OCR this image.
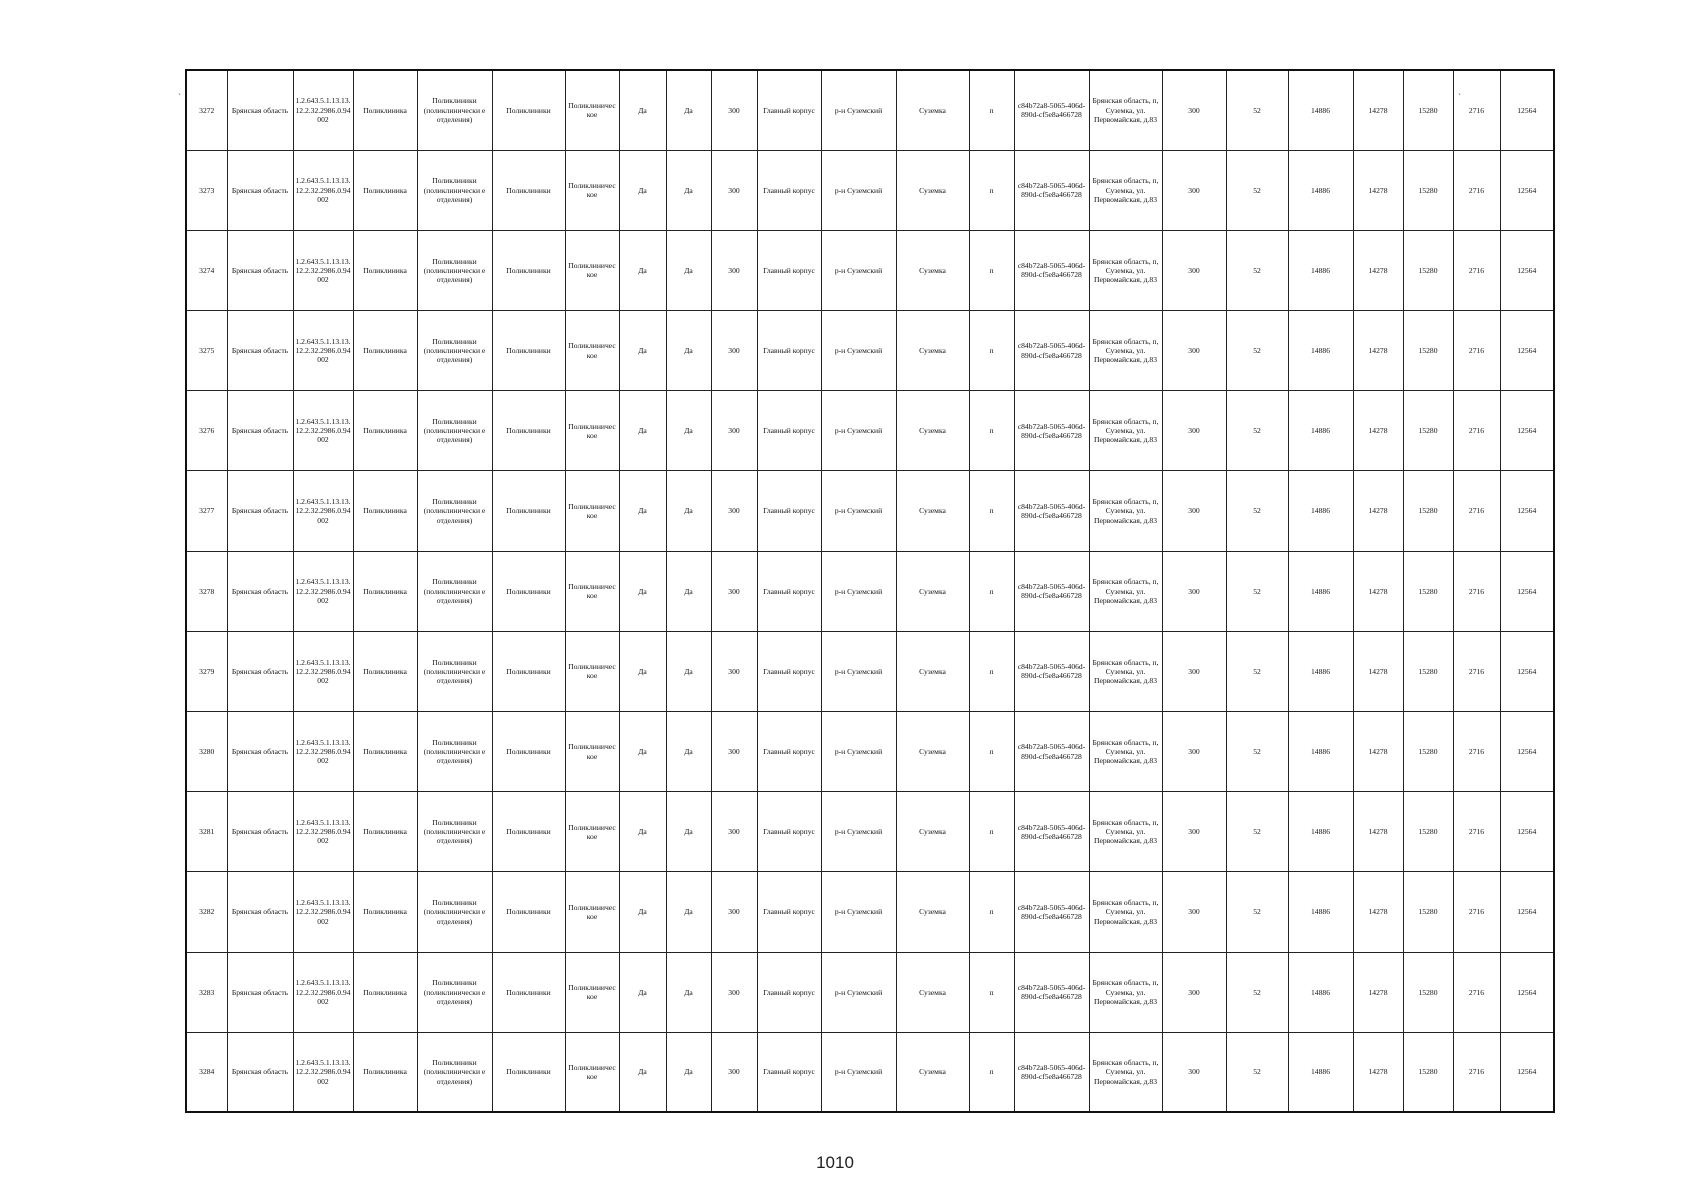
3272	Брянская область	1.2.643.5.1.13.13.12.2.32.2986.0.94002	Поликлиника	Поликлиники (поликлинически е отделения)	Поликлиники	Поликлиничес кое	Да	Да	300	Главный корпус	р-н Суземский	Суземка	п	c84b72a8-5065-406d-890d-cf5e8a466728	Брянская область, п, Суземка, ул. Первомайская, д.83	300	52	14886	14278	15280	2716	12564
3273	Брянская область	1.2.643.5.1.13.13.12.2.32.2986.0.94002	Поликлиника	Поликлиники (поликлинически е отделения)	Поликлиники	Поликлиничес кое	Да	Да	300	Главный корпус	р-н Суземский	Суземка	п	c84b72a8-5065-406d-890d-cf5e8a466728	Брянская область, п, Суземка, ул. Первомайская, д.83	300	52	14886	14278	15280	2716	12564
3274	Брянская область	1.2.643.5.1.13.13.12.2.32.2986.0.94002	Поликлиника	Поликлиники (поликлинически е отделения)	Поликлиники	Поликлиничес кое	Да	Да	300	Главный корпус	р-н Суземский	Суземка	п	c84b72a8-5065-406d-890d-cf5e8a466728	Брянская область, п, Суземка, ул. Первомайская, д.83	300	52	14886	14278	15280	2716	12564
3275	Брянская область	1.2.643.5.1.13.13.12.2.32.2986.0.94002	Поликлиника	Поликлиники (поликлинически е отделения)	Поликлиники	Поликлиничес кое	Да	Да	300	Главный корпус	р-н Суземский	Суземка	п	c84b72a8-5065-406d-890d-cf5e8a466728	Брянская область, п, Суземка, ул. Первомайская, д.83	300	52	14886	14278	15280	2716	12564
3276	Брянская область	1.2.643.5.1.13.13.12.2.32.2986.0.94002	Поликлиника	Поликлиники (поликлинически е отделения)	Поликлиники	Поликлиничес кое	Да	Да	300	Главный корпус	р-н Суземский	Суземка	п	c84b72a8-5065-406d-890d-cf5e8a466728	Брянская область, п, Суземка, ул. Первомайская, д.83	300	52	14886	14278	15280	2716	12564
3277	Брянская область	1.2.643.5.1.13.13.12.2.32.2986.0.94002	Поликлиника	Поликлиники (поликлинически е отделения)	Поликлиники	Поликлиничес кое	Да	Да	300	Главный корпус	р-н Суземский	Суземка	п	c84b72a8-5065-406d-890d-cf5e8a466728	Брянская область, п, Суземка, ул. Первомайская, д.83	300	52	14886	14278	15280	2716	12564
3278	Брянская область	1.2.643.5.1.13.13.12.2.32.2986.0.94002	Поликлиника	Поликлиники (поликлинически е отделения)	Поликлиники	Поликлиничес кое	Да	Да	300	Главный корпус	р-н Суземский	Суземка	п	c84b72a8-5065-406d-890d-cf5e8a466728	Брянская область, п, Суземка, ул. Первомайская, д.83	300	52	14886	14278	15280	2716	12564
3279	Брянская область	1.2.643.5.1.13.13.12.2.32.2986.0.94002	Поликлиника	Поликлиники (поликлинически е отделения)	Поликлиники	Поликлиничес кое	Да	Да	300	Главный корпус	р-н Суземский	Суземка	п	c84b72a8-5065-406d-890d-cf5e8a466728	Брянская область, п, Суземка, ул. Первомайская, д.83	300	52	14886	14278	15280	2716	12564
3280	Брянская область	1.2.643.5.1.13.13.12.2.32.2986.0.94002	Поликлиника	Поликлиники (поликлинически е отделения)	Поликлиники	Поликлиничес кое	Да	Да	300	Главный корпус	р-н Суземский	Суземка	п	c84b72a8-5065-406d-890d-cf5e8a466728	Брянская область, п, Суземка, ул. Первомайская, д.83	300	52	14886	14278	15280	2716	12564
3281	Брянская область	1.2.643.5.1.13.13.12.2.32.2986.0.94002	Поликлиника	Поликлиники (поликлинически е отделения)	Поликлиники	Поликлиничес кое	Да	Да	300	Главный корпус	р-н Суземский	Суземка	п	c84b72a8-5065-406d-890d-cf5e8a466728	Брянская область, п, Суземка, ул. Первомайская, д.83	300	52	14886	14278	15280	2716	12564
3282	Брянская область	1.2.643.5.1.13.13.12.2.32.2986.0.94002	Поликлиника	Поликлиники (поликлинически е отделения)	Поликлиники	Поликлиничес кое	Да	Да	300	Главный корпус	р-н Суземский	Суземка	п	c84b72a8-5065-406d-890d-cf5e8a466728	Брянская область, п, Суземка, ул. Первомайская, д.83	300	52	14886	14278	15280	2716	12564
3283	Брянская область	1.2.643.5.1.13.13.12.2.32.2986.0.94002	Поликлиника	Поликлиники (поликлинически е отделения)	Поликлиники	Поликлиничес кое	Да	Да	300	Главный корпус	р-н Суземский	Суземка	п	c84b72a8-5065-406d-890d-cf5e8a466728	Брянская область, п, Суземка, ул. Первомайская, д.83	300	52	14886	14278	15280	2716	12564
3284	Брянская область	1.2.643.5.1.13.13.12.2.32.2986.0.94002	Поликлиника	Поликлиники (поликлинически е отделения)	Поликлиники	Поликлиничес кое	Да	Да	300	Главный корпус	р-н Суземский	Суземка	п	c84b72a8-5065-406d-890d-cf5e8a466728	Брянская область, п, Суземка, ул. Первомайская, д.83	300	52	14886	14278	15280	2716	12564
`	`
1010
